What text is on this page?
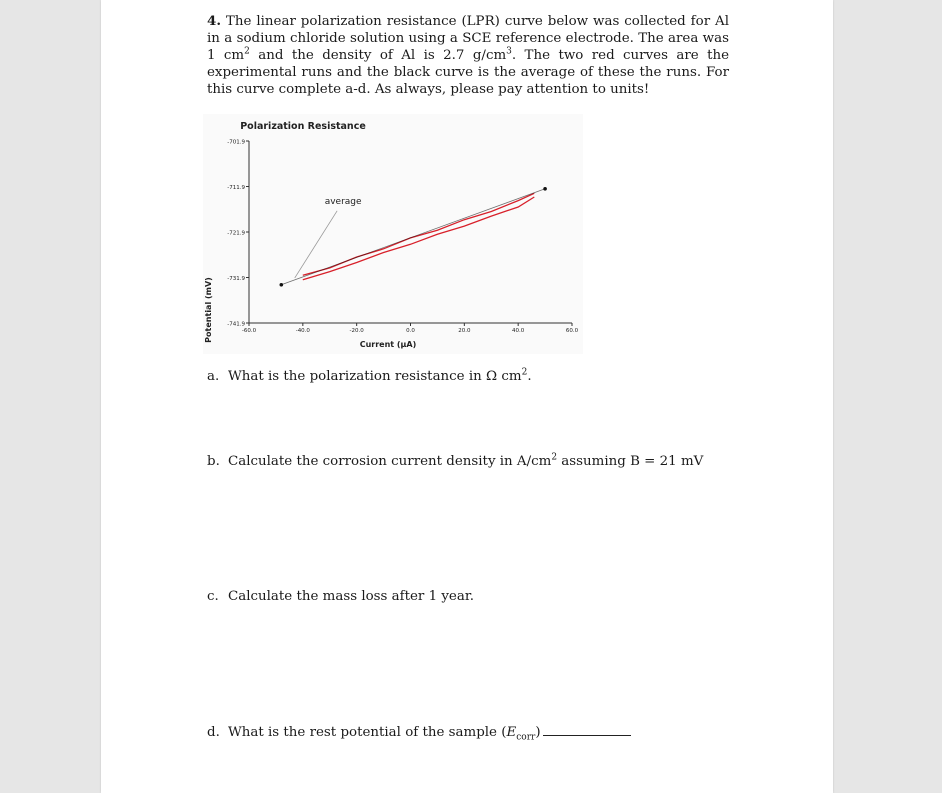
4. The linear polarization resistance (LPR) curve below was collected for Al in a sodium chloride solution using a SCE reference electrode. The area was 1 $cm^2$ and the density of Al is 2.7 $g/cm^3$. The two red curves are the experimental runs and the black curve is the average of these the runs. For this curve complete a-d. As always, please pay attention to units!

Polarization Resistance
Potential (mV)
Current (μA)
-701.9
-711.9
-721.9
-731.9
-741.9
-60.0	-40.0	-20.0	0.0	20.0	40.0	60.0
average

a. What is the polarization resistance in Ω $cm^2$.

b. Calculate the corrosion current density in $A/cm^2$ assuming B = 21 mV

c. Calculate the mass loss after 1 year.

d. What is the rest potential of the sample $(E_{corr})$
